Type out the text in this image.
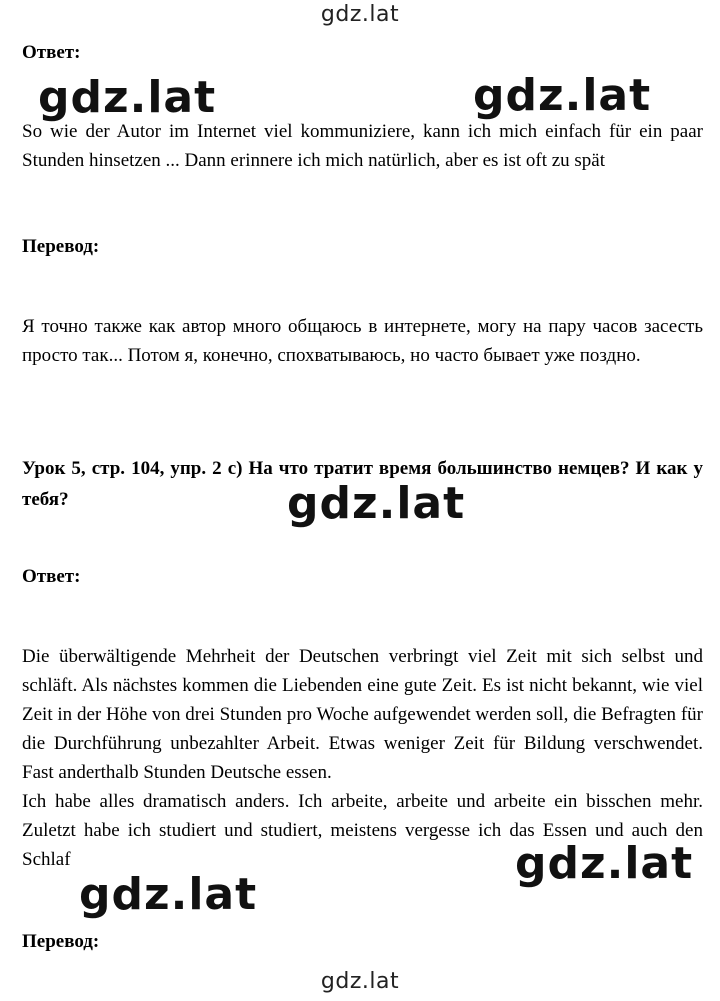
gdz.lat
Ответ:
So wie der Autor im Internet viel kommuniziere, kann ich mich einfach für ein paar Stunden hinsetzen ... Dann erinnere ich mich natürlich, aber es ist oft zu spät
Перевод:
Я точно также как автор много общаюсь в интернете, могу на пару часов засесть просто так... Потом я, конечно, спохватываюсь, но часто бывает уже поздно.
Урок 5, стр. 104, упр. 2 c) На что тратит время большинство немцев? И как у тебя?
Ответ:
Die überwältigende Mehrheit der Deutschen verbringt viel Zeit mit sich selbst und schläft. Als nächstes kommen die Liebenden eine gute Zeit. Es ist nicht bekannt, wie viel Zeit in der Höhe von drei Stunden pro Woche aufgewendet werden soll, die Befragten für die Durchführung unbezahlter Arbeit. Etwas weniger Zeit für Bildung verschwendet. Fast anderthalb Stunden Deutsche essen.
Ich habe alles dramatisch anders. Ich arbeite, arbeite und arbeite ein bisschen mehr. Zuletzt habe ich studiert und studiert, meistens vergesse ich das Essen und auch den Schlaf
Перевод:
gdz.lat	gdz.lat
gdz.lat
gdz.lat
gdz.lat
gdz.lat
